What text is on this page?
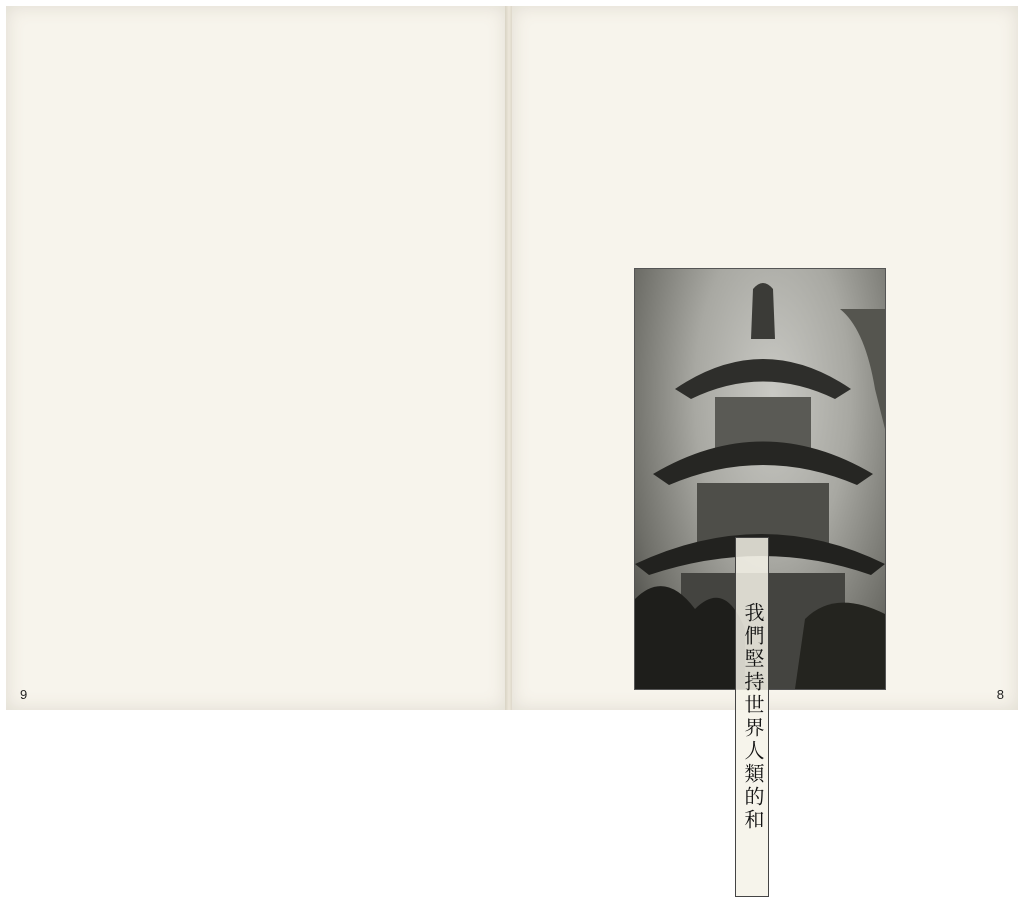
9	我們堅持世界人類的和	8
